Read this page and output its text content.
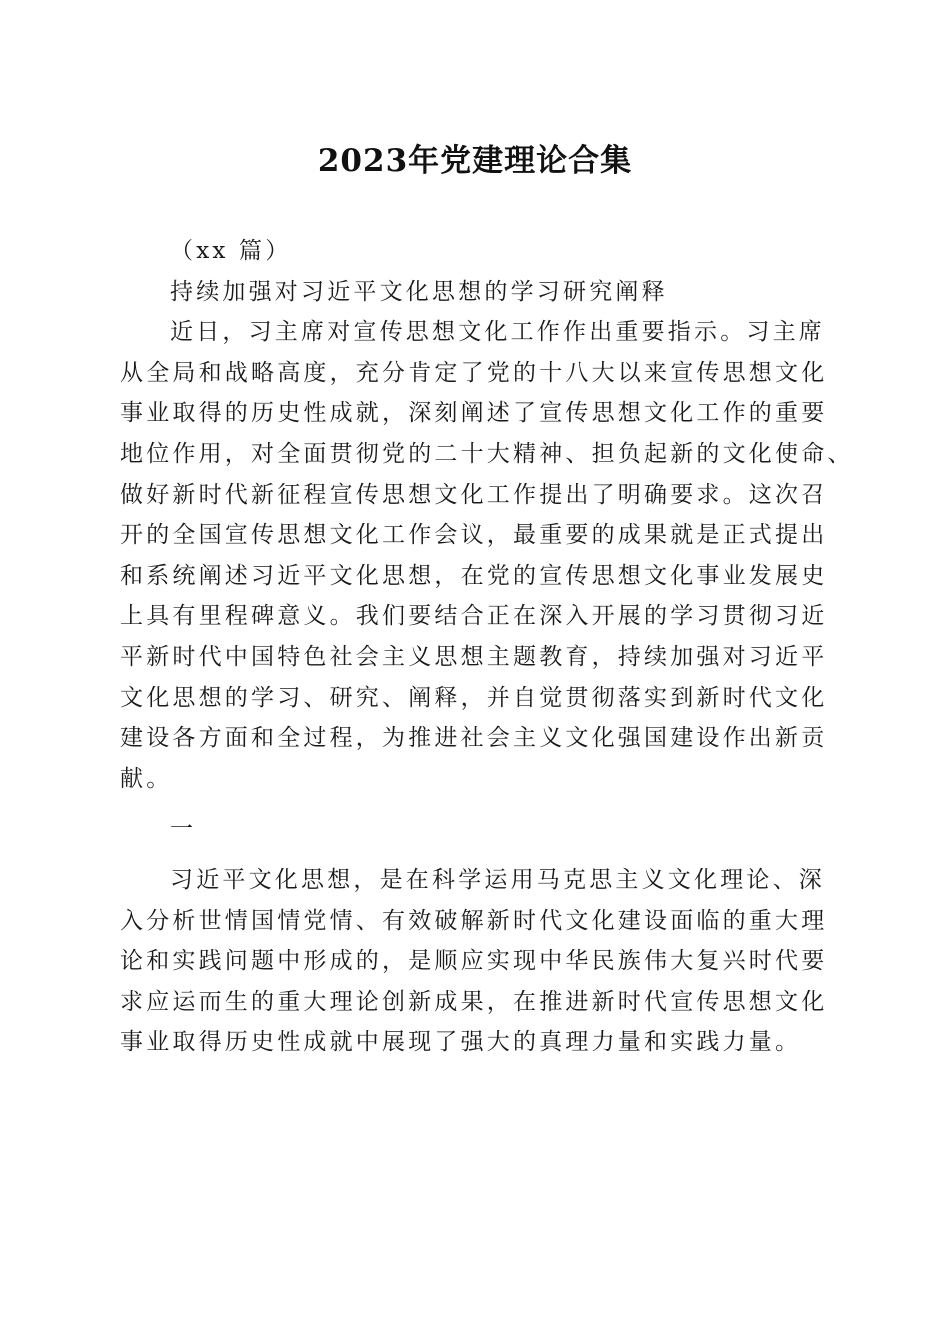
2023年党建理论合集
（xx 篇）
持续加强对习近平文化思想的学习研究阐释
近日，习主席对宣传思想文化工作作出重要指示。习主席
从全局和战略高度，充分肯定了党的十八大以来宣传思想文化
事业取得的历史性成就，深刻阐述了宣传思想文化工作的重要
地位作用，对全面贯彻党的二十大精神、担负起新的文化使命、
做好新时代新征程宣传思想文化工作提出了明确要求。这次召
开的全国宣传思想文化工作会议，最重要的成果就是正式提出
和系统阐述习近平文化思想，在党的宣传思想文化事业发展史
上具有里程碑意义。我们要结合正在深入开展的学习贯彻习近
平新时代中国特色社会主义思想主题教育，持续加强对习近平
文化思想的学习、研究、阐释，并自觉贯彻落实到新时代文化
建设各方面和全过程，为推进社会主义文化强国建设作出新贡
献。
一
习近平文化思想，是在科学运用马克思主义文化理论、深
入分析世情国情党情、有效破解新时代文化建设面临的重大理
论和实践问题中形成的，是顺应实现中华民族伟大复兴时代要
求应运而生的重大理论创新成果，在推进新时代宣传思想文化
事业取得历史性成就中展现了强大的真理力量和实践力量。
